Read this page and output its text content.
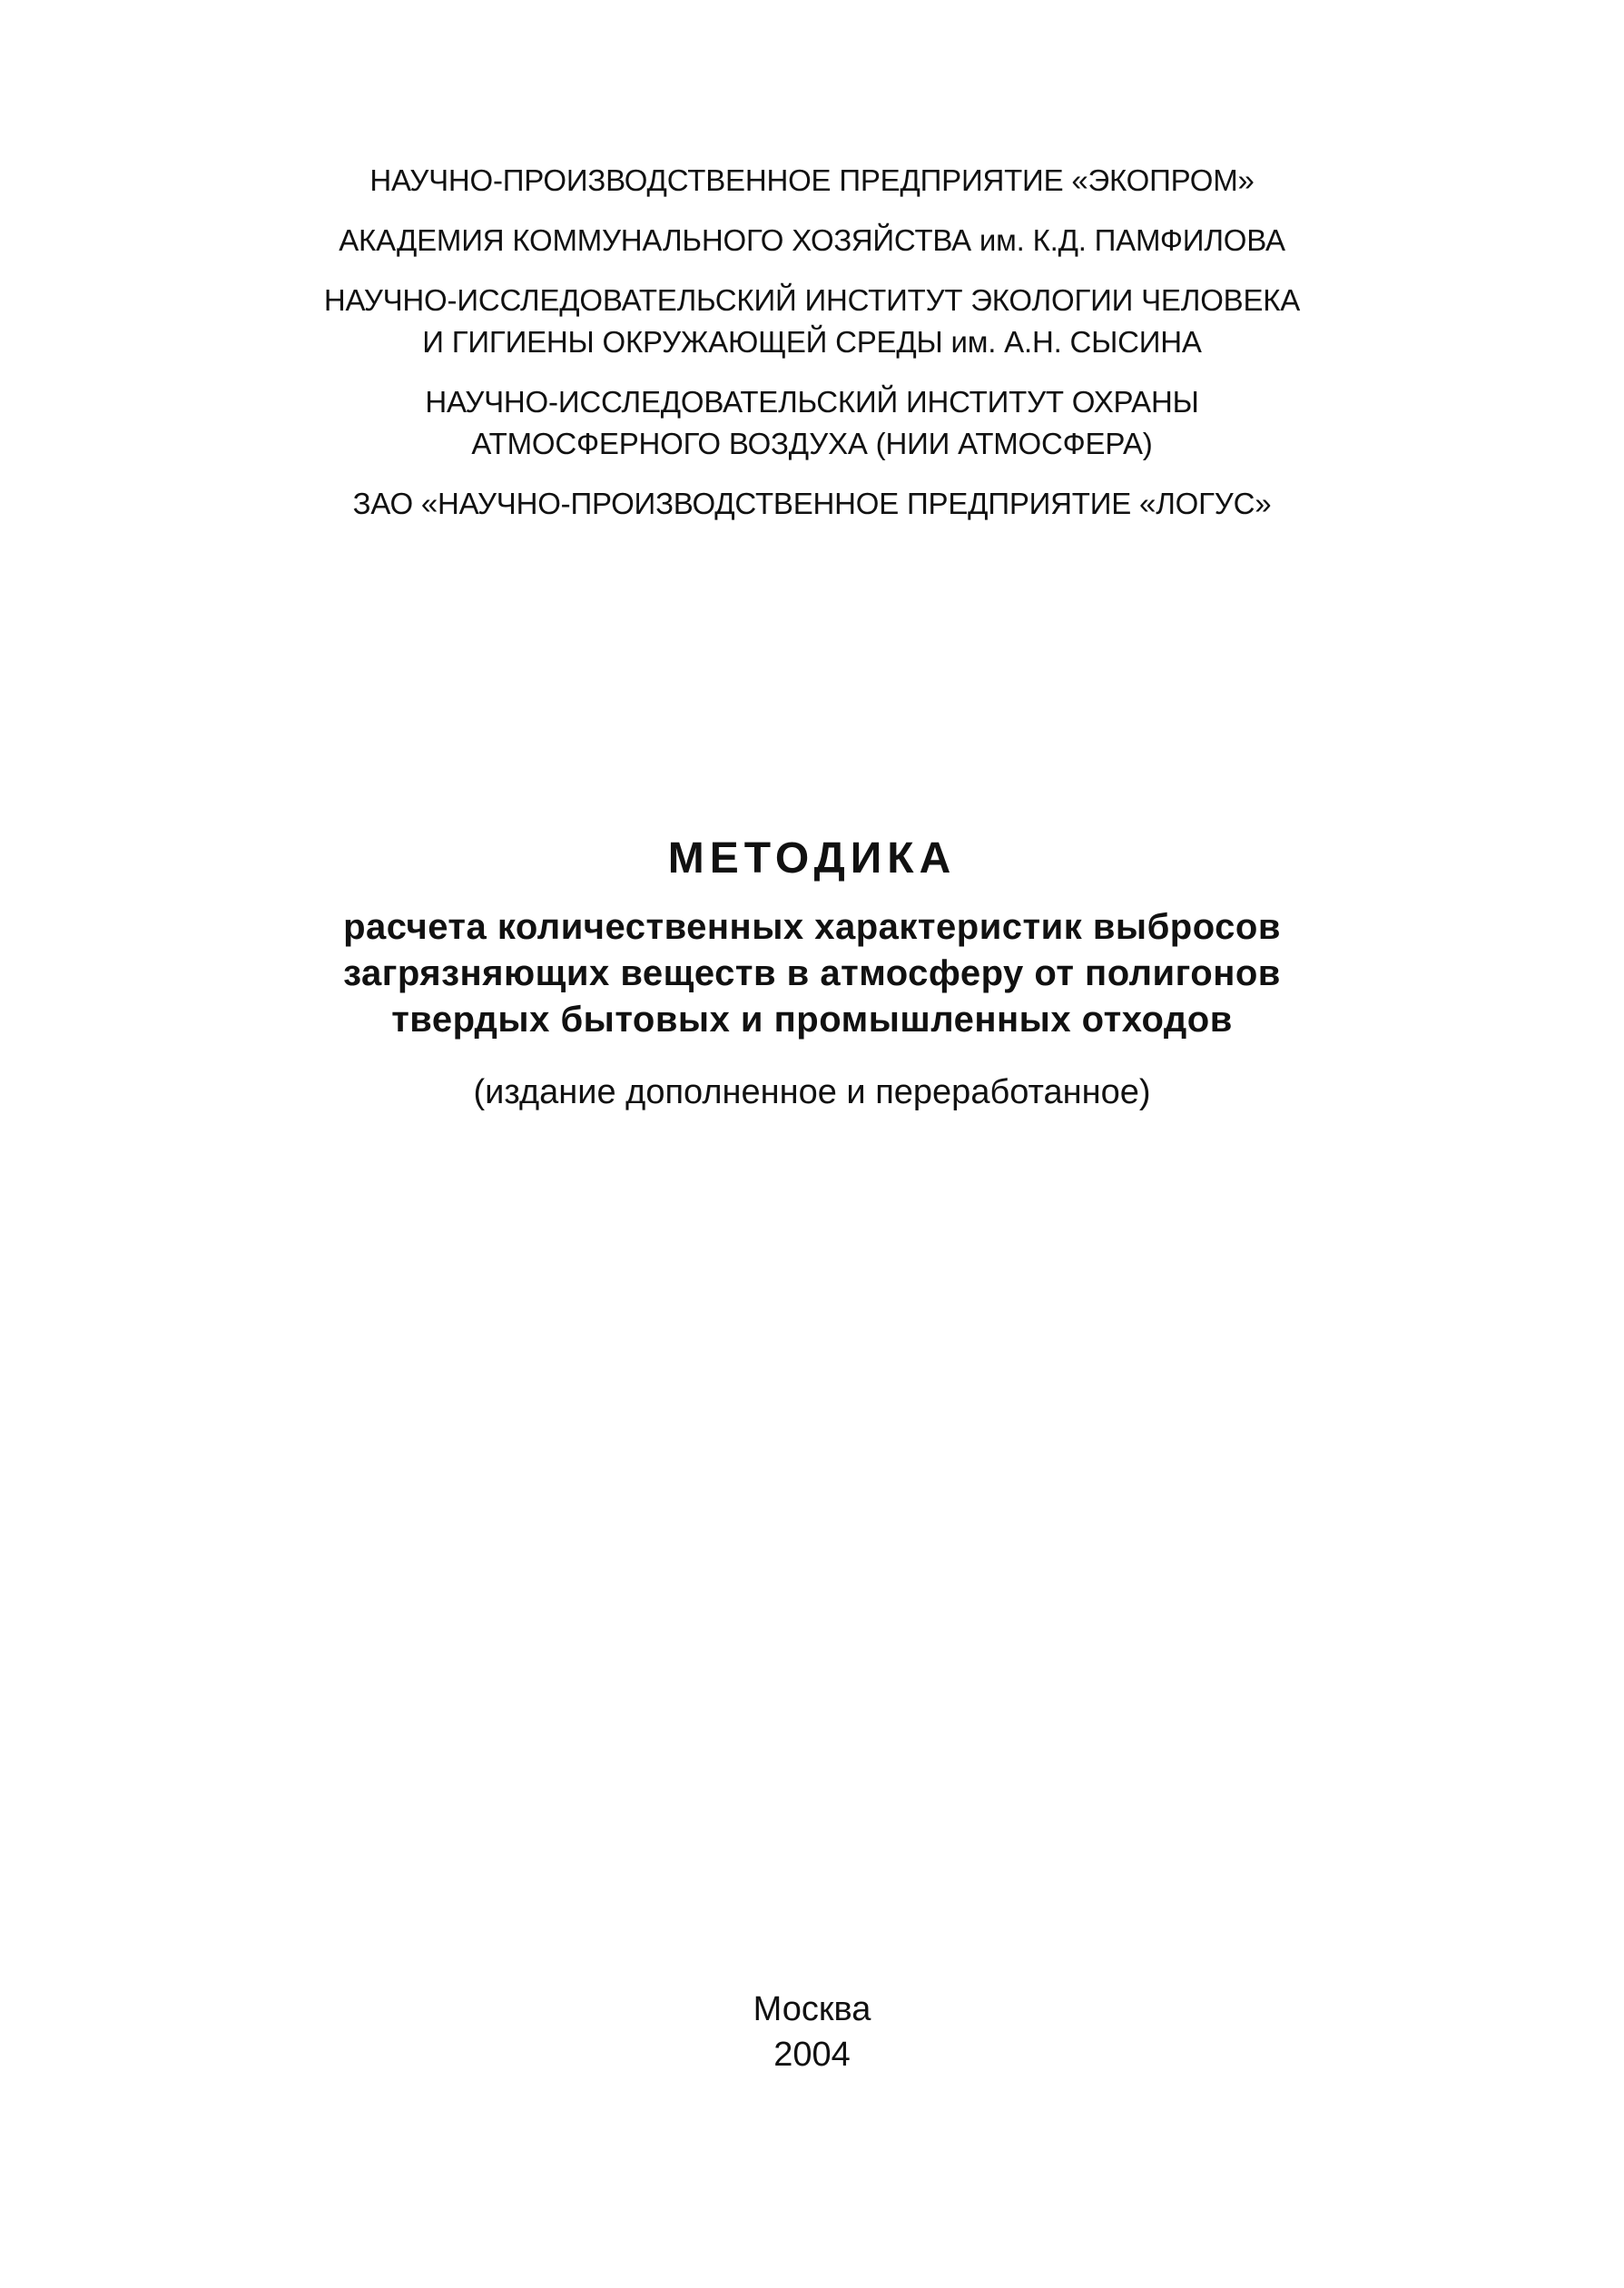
НАУЧНО-ПРОИЗВОДСТВЕННОЕ ПРЕДПРИЯТИЕ «ЭКОПРОМ»

АКАДЕМИЯ КОММУНАЛЬНОГО ХОЗЯЙСТВА им. К.Д. ПАМФИЛОВА

НАУЧНО-ИССЛЕДОВАТЕЛЬСКИЙ ИНСТИТУТ ЭКОЛОГИИ ЧЕЛОВЕКА
И ГИГИЕНЫ ОКРУЖАЮЩЕЙ СРЕДЫ им. А.Н. СЫСИНА

НАУЧНО-ИССЛЕДОВАТЕЛЬСКИЙ ИНСТИТУТ ОХРАНЫ
АТМОСФЕРНОГО ВОЗДУХА (НИИ АТМОСФЕРА)

ЗАО «НАУЧНО-ПРОИЗВОДСТВЕННОЕ ПРЕДПРИЯТИЕ «ЛОГУС»

МЕТОДИКА
расчета количественных характеристик выбросов
загрязняющих веществ в атмосферу от полигонов
твердых бытовых и промышленных отходов

(издание дополненное и переработанное)

Москва
2004
